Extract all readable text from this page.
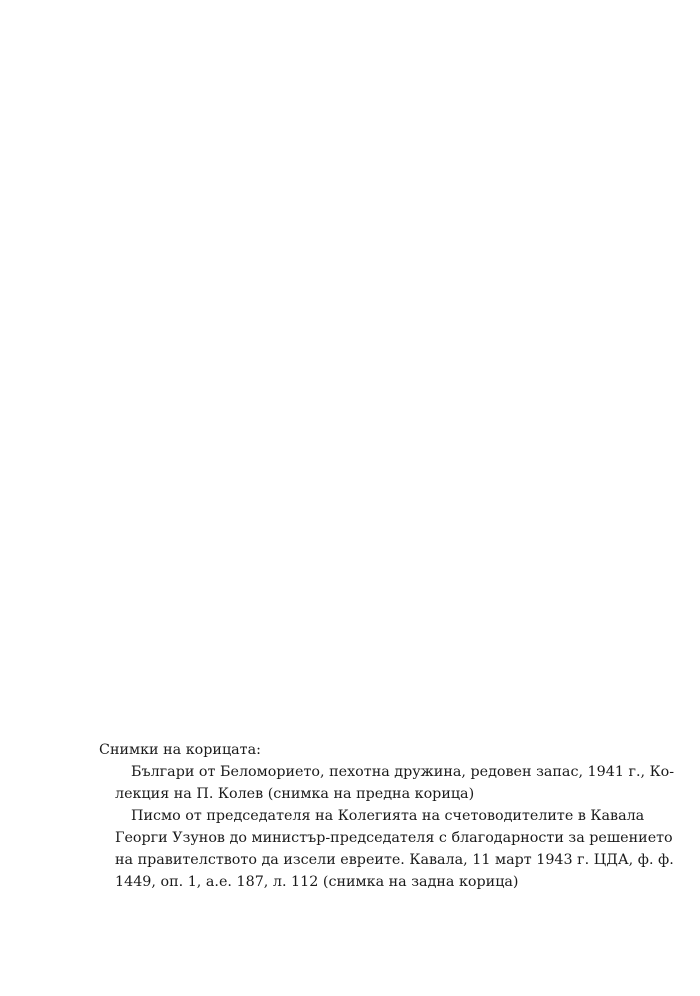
Снимки на корицата:

Българи от Беломорието, пехотна дружина, редовен запас, 1941 г., Ко-
лекция на П. Колев (снимка на предна корица)

Писмо от председателя на Колегията на счетоводителите в Кавала
Георги Узунов до министър-председателя с благодарности за решението
на правителството да изсели евреите. Кавала, 11 март 1943 г. ЦДА, ф. ф.
1449, оп. 1, а.е. 187, л. 112 (снимка на задна корица)
